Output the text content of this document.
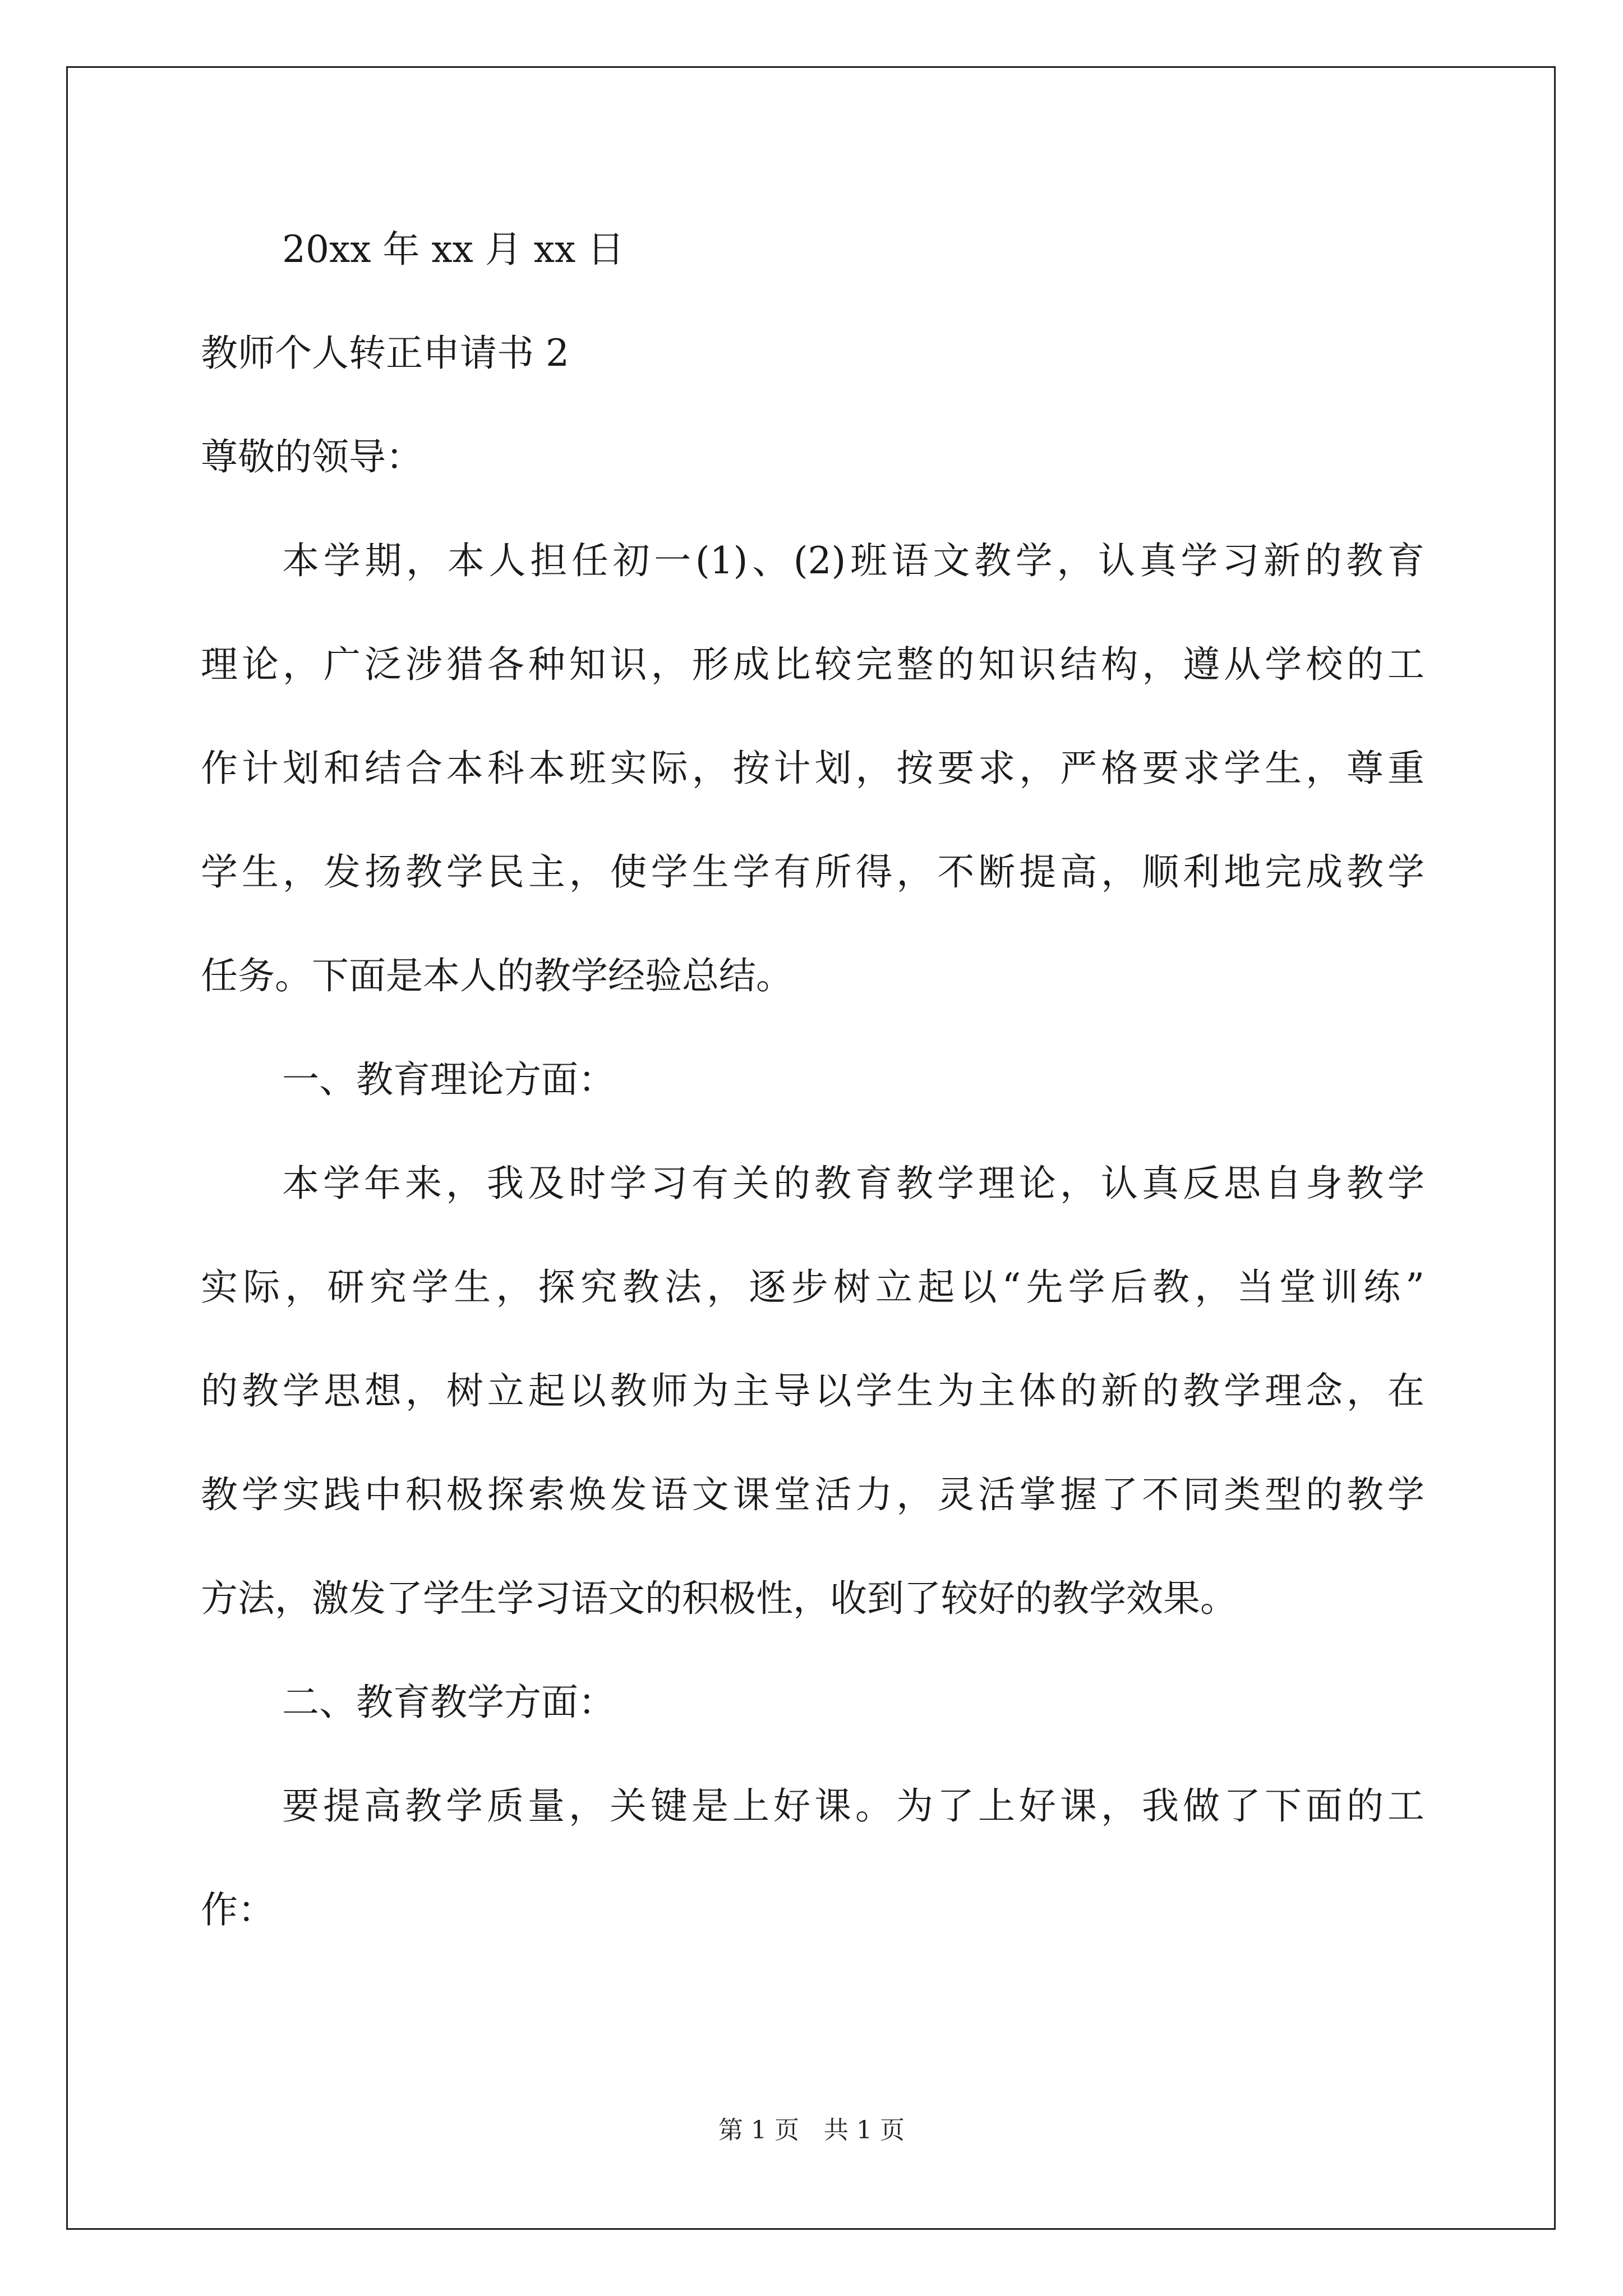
20xx 年 xx 月 xx 日

教师个人转正申请书 2

尊敬的领导：

本学期，本人担任初一(1)、(2)班语文教学，认真学习新的教育

理论，广泛涉猎各种知识，形成比较完整的知识结构，遵从学校的工

作计划和结合本科本班实际，按计划，按要求，严格要求学生，尊重

学生，发扬教学民主，使学生学有所得，不断提高，顺利地完成教学

任务。下面是本人的教学经验总结。

一、教育理论方面：

本学年来，我及时学习有关的教育教学理论，认真反思自身教学

实际，研究学生，探究教法，逐步树立起以“先学后教，当堂训练”

的教学思想，树立起以教师为主导以学生为主体的新的教学理念，在

教学实践中积极探索焕发语文课堂活力，灵活掌握了不同类型的教学

方法，激发了学生学习语文的积极性，收到了较好的教学效果。

二、教育教学方面：

要提高教学质量，关键是上好课。为了上好课，我做了下面的工

作：

第 1 页　共 1 页
